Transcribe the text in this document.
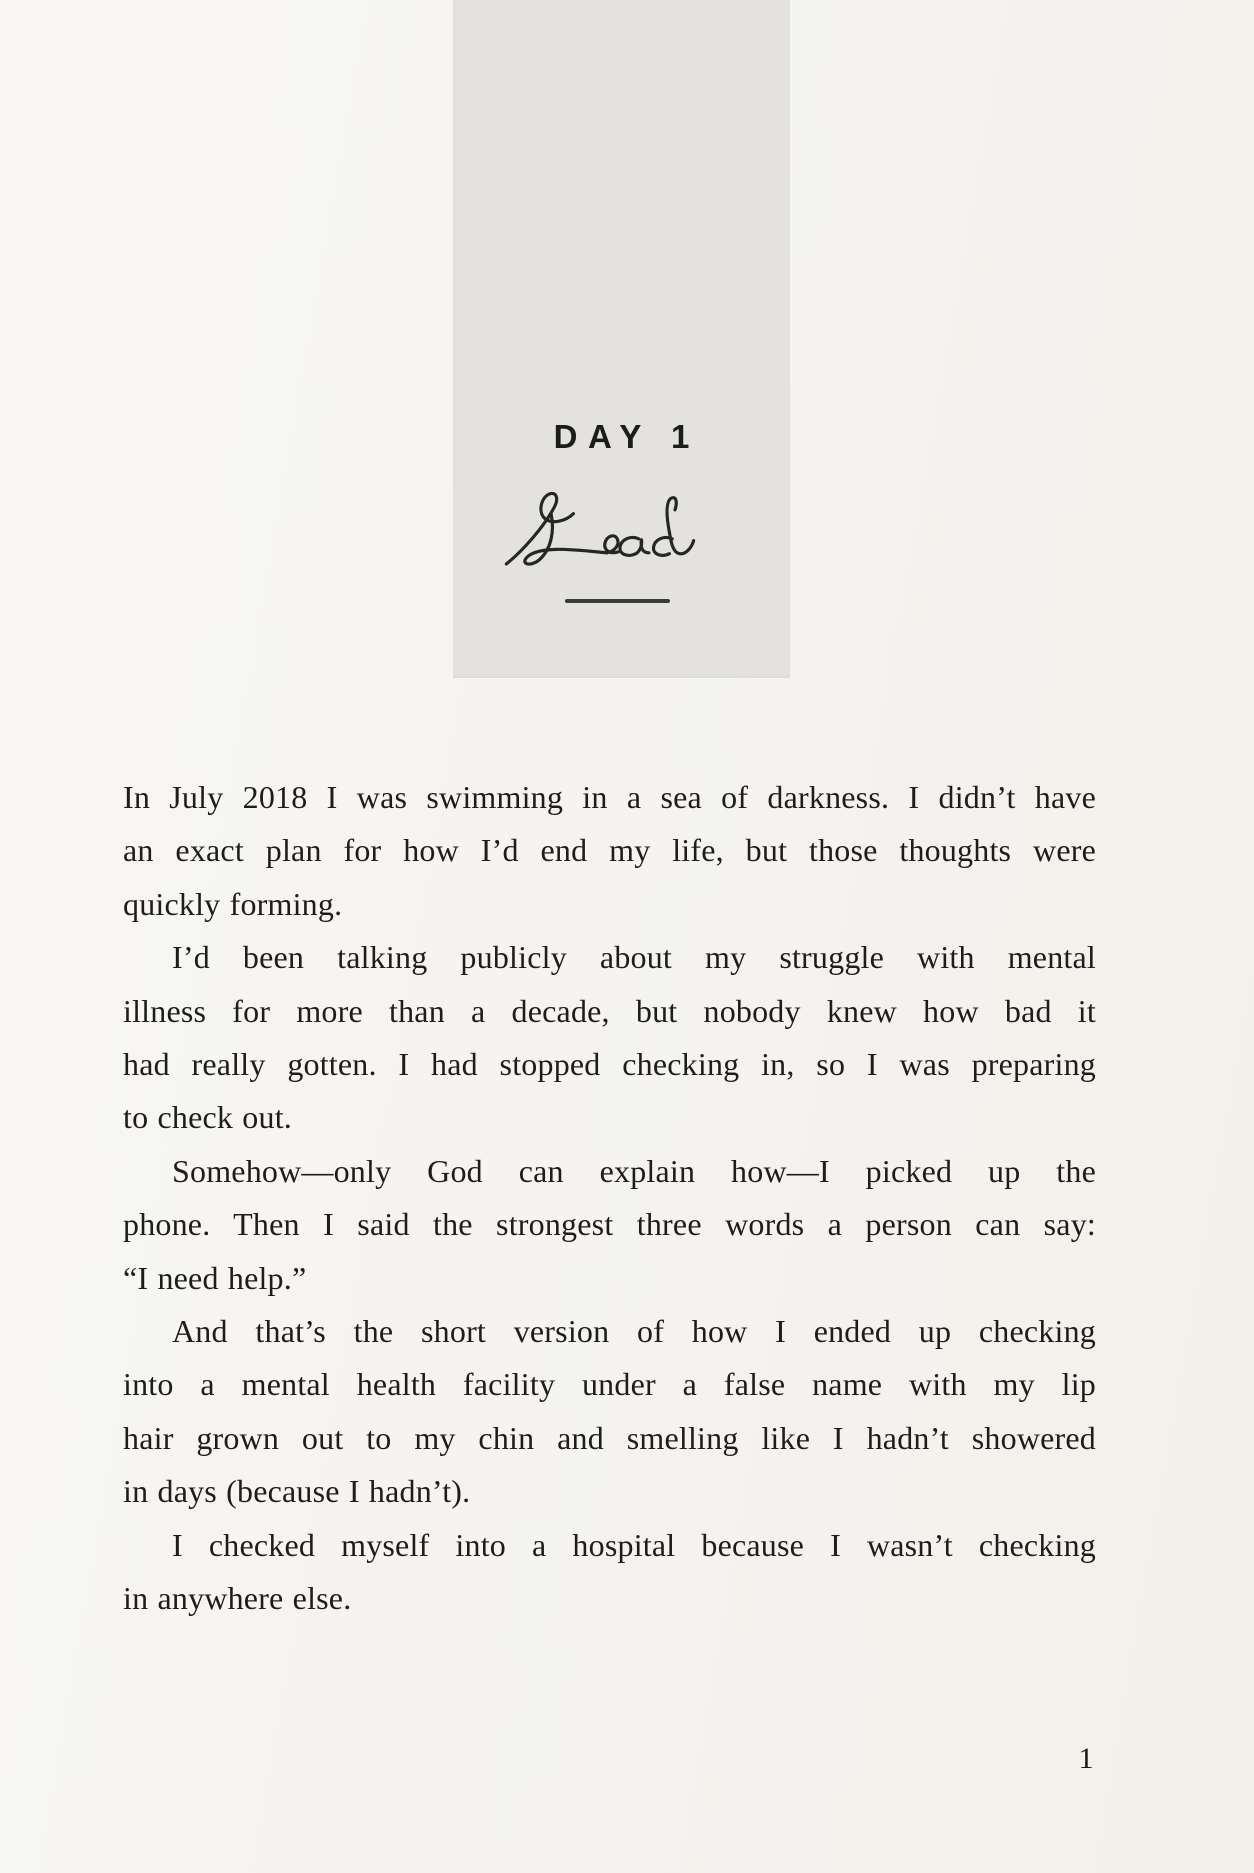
DAY 1
In July 2018 I was swimming in a sea of darkness. I didn’t have
an exact plan for how I’d end my life, but those thoughts were
quickly forming.
I’d been talking publicly about my struggle with mental
illness for more than a decade, but nobody knew how bad it
had really gotten. I had stopped checking in, so I was preparing
to check out.
Somehow—only God can explain how—I picked up the
phone. Then I said the strongest three words a person can say:
“I need help.”
And that’s the short version of how I ended up checking
into a mental health facility under a false name with my lip
hair grown out to my chin and smelling like I hadn’t showered
in days (because I hadn’t).
I checked myself into a hospital because I wasn’t checking
in anywhere else.
1
